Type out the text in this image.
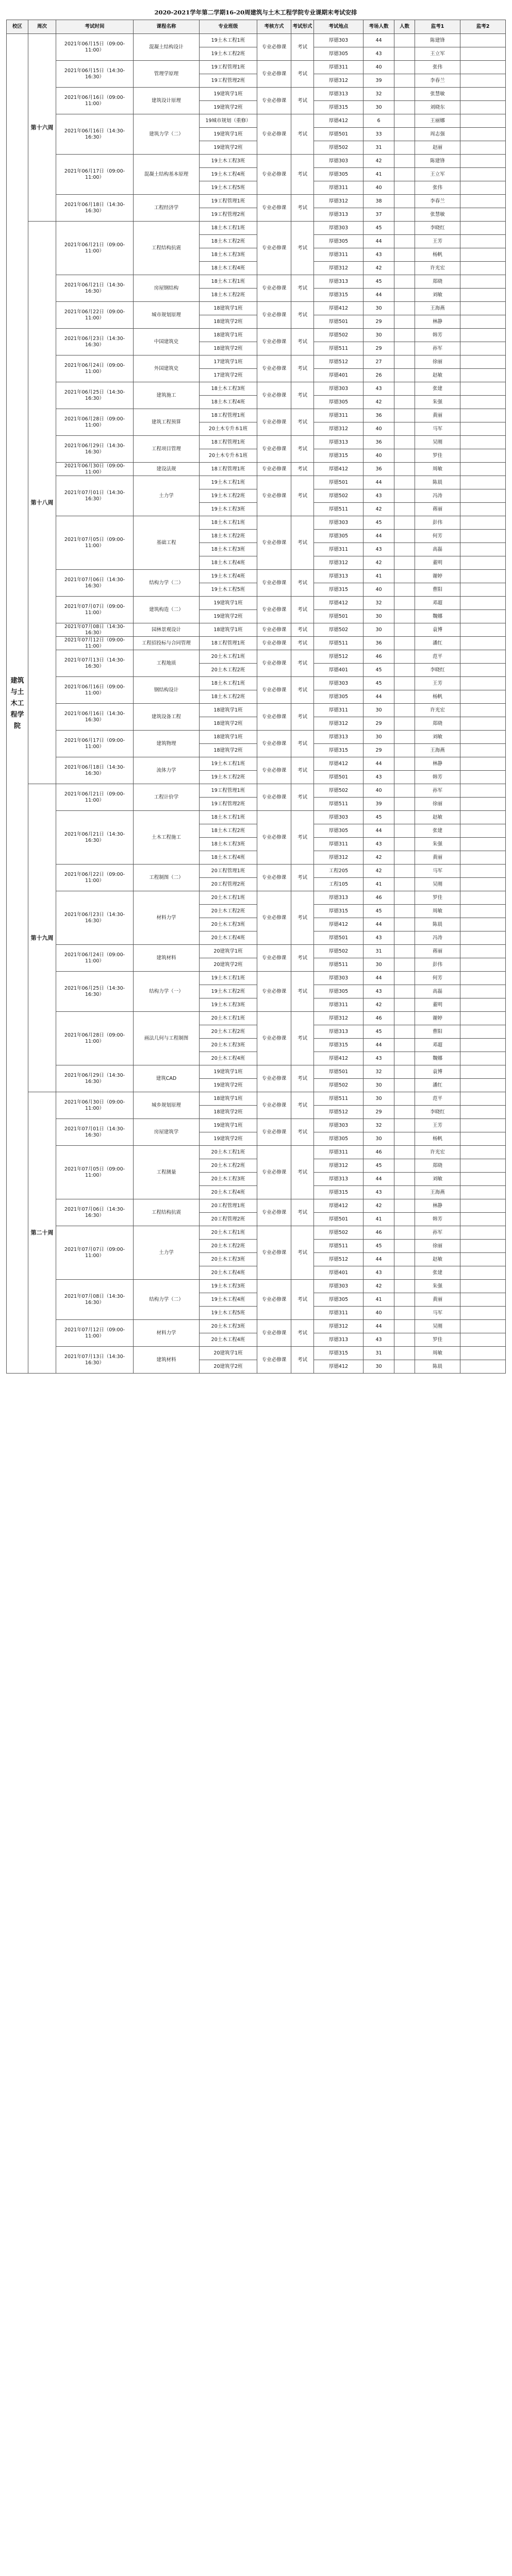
2020-2021学年第二学期16-20周建筑与土木工程学院专业课期末考试安排
校区	周次	考试时间	课程名称	专业班级	考核方式	考试形式	考试地点	考场人数	人数	监考1	监考2
建筑与土木工程学院	第十六周	2021年06月15日（09:00-11:00）	混凝土结构设计	19土木工程1班	专业必修课	考试	厚德303	44		陈建锋	
				19土木工程2班			厚德305	43		王立军	
		2021年06月15日（14:30-16:30）	管理学原理	19工程管理1班	专业必修课	考试	厚德311	40		张伟	
				19工程管理2班			厚德312	39		李春兰	
		2021年06月16日（09:00-11:00）	建筑设计原理	19建筑学1班	专业必修课	考试	厚德313	32		张慧敏	
				19建筑学2班			厚德315	30		刘晓东	
		2021年06月16日（14:30-16:30）	建筑力学（二）	19城市规划（重修）	专业必修课	考试	厚德412	6		王丽娜	
				19建筑学1班			厚德501	33		周志强	
				19建筑学2班			厚德502	31		赵丽	
		2021年06月17日（09:00-11:00）	混凝土结构基本原理	19土木工程3班	专业必修课	考试	厚德303	42		陈建锋	
				19土木工程4班			厚德305	41		王立军	
				19土木工程5班			厚德311	40		张伟	
		2021年06月18日（14:30-16:30）	工程经济学	19工程管理1班	专业必修课	考试	厚德312	38		李春兰	
				19工程管理2班			厚德313	37		张慧敏	
	第十八周	2021年06月21日（09:00-11:00）	工程结构抗震	18土木工程1班	专业必修课	考试	厚德303	45		李晓红	
				18土木工程2班			厚德305	44		王芳	
				18土木工程3班			厚德311	43		杨帆	
				18土木工程4班			厚德312	42		许光宏	
		2021年06月21日（14:30-16:30）	房屋钢结构	18土木工程1班	专业必修课	考试	厚德313	45		郑晓	
				18土木工程2班			厚德315	44		刘敏	
		2021年06月22日（09:00-11:00）	城市规划原理	18建筑学1班	专业必修课	考试	厚德412	30		王海燕	
				18建筑学2班			厚德501	29		林静	
		2021年06月23日（14:30-16:30）	中国建筑史	18建筑学1班	专业必修课	考试	厚德502	30		韩芳	
				18建筑学2班			厚德511	29		孙军	
		2021年06月24日（09:00-11:00）	外国建筑史	17建筑学1班	专业必修课	考试	厚德512	27		徐丽	
				17建筑学2班			厚德401	26		赵敏	
		2021年06月25日（14:30-16:30）	建筑施工	18土木工程3班	专业必修课	考试	厚德303	43		张建	
				18土木工程4班			厚德305	42		朱强	
		2021年06月28日（09:00-11:00）	建筑工程预算	18工程管理1班	专业必修课	考试	厚德311	36		黄丽	
				20土木专升本1班			厚德312	40		马军	
		2021年06月29日（14:30-16:30）	工程项目管理	18工程管理1班	专业必修课	考试	厚德313	36		吴刚	
				20土木专升本1班			厚德315	40		罗佳	
		2021年06月30日（09:00-11:00）	建设法规	18工程管理1班	专业必修课	考试	厚德412	36		周敏	
		2021年07月01日（14:30-16:30）	土力学	19土木工程1班	专业必修课	考试	厚德501	44		陈晨	
				19土木工程2班			厚德502	43		冯涛	
				19土木工程3班			厚德511	42		蒋丽	
		2021年07月05日（09:00-11:00）	基础工程	18土木工程1班	专业必修课	考试	厚德303	45		彭伟	
				18土木工程2班			厚德305	44		何芳	
				18土木工程3班			厚德311	43		高磊	
				18土木工程4班			厚德312	42		董明	
		2021年07月06日（14:30-16:30）	结构力学（二）	19土木工程4班	专业必修课	考试	厚德313	41		谢婷	
				19土木工程5班			厚德315	40		曹阳	
		2021年07月07日（09:00-11:00）	建筑构造（二）	19建筑学1班	专业必修课	考试	厚德412	32		邓超	
				19建筑学2班			厚德501	30		魏娜	
		2021年07月08日（14:30-16:30）	园林景观设计	18建筑学1班	专业必修课	考试	厚德502	30		袁博	
		2021年07月12日（09:00-11:00）	工程招投标与合同管理	18工程管理1班	专业必修课	考试	厚德511	36		潘红	
		2021年07月13日（14:30-16:30）	工程地质	20土木工程1班	专业必修课	考试	厚德512	46		范平	
				20土木工程2班			厚德401	45		李晓红	
		2021年06月16日（09:00-11:00）	钢结构设计	18土木工程1班	专业必修课	考试	厚德303	45		王芳	
				18土木工程2班			厚德305	44		杨帆	
		2021年06月16日（14:30-16:30）	建筑设备工程	18建筑学1班	专业必修课	考试	厚德311	30		许光宏	
				18建筑学2班			厚德312	29		郑晓	
		2021年06月17日（09:00-11:00）	建筑物理	18建筑学1班	专业必修课	考试	厚德313	30		刘敏	
				18建筑学2班			厚德315	29		王海燕	
		2021年06月18日（14:30-16:30）	流体力学	19土木工程1班	专业必修课	考试	厚德412	44		林静	
				19土木工程2班			厚德501	43		韩芳	
	第十九周	2021年06月21日（09:00-11:00）	工程计价学	19工程管理1班	专业必修课	考试	厚德502	40		孙军	
				19工程管理2班			厚德511	39		徐丽	
		2021年06月21日（14:30-16:30）	土木工程施工	18土木工程1班	专业必修课	考试	厚德303	45		赵敏	
				18土木工程2班			厚德305	44		张建	
				18土木工程3班			厚德311	43		朱强	
				18土木工程4班			厚德312	42		黄丽	
		2021年06月22日（09:00-11:00）	工程制图（二）	20工程管理1班	专业必修课	考试	工程205	42		马军	
				20工程管理2班			工程105	41		吴刚	
		2021年06月23日（14:30-16:30）	材料力学	20土木工程1班	专业必修课	考试	厚德313	46		罗佳	
				20土木工程2班			厚德315	45		周敏	
				20土木工程3班			厚德412	44		陈晨	
				20土木工程4班			厚德501	43		冯涛	
		2021年06月24日（09:00-11:00）	建筑材料	20建筑学1班	专业必修课	考试	厚德502	31		蒋丽	
				20建筑学2班			厚德511	30		彭伟	
		2021年06月25日（14:30-16:30）	结构力学（一）	19土木工程1班	专业必修课	考试	厚德303	44		何芳	
				19土木工程2班			厚德305	43		高磊	
				19土木工程3班			厚德311	42		董明	
		2021年06月28日（09:00-11:00）	画法几何与工程制图	20土木工程1班	专业必修课	考试	厚德312	46		谢婷	
				20土木工程2班			厚德313	45		曹阳	
				20土木工程3班			厚德315	44		邓超	
				20土木工程4班			厚德412	43		魏娜	
		2021年06月29日（14:30-16:30）	建筑CAD	19建筑学1班	专业必修课	考试	厚德501	32		袁博	
				19建筑学2班			厚德502	30		潘红	
	第二十周	2021年06月30日（09:00-11:00）	城乡规划原理	18建筑学1班	专业必修课	考试	厚德511	30		范平	
				18建筑学2班			厚德512	29		李晓红	
		2021年07月01日（14:30-16:30）	房屋建筑学	19建筑学1班	专业必修课	考试	厚德303	32		王芳	
				19建筑学2班			厚德305	30		杨帆	
		2021年07月05日（09:00-11:00）	工程测量	20土木工程1班	专业必修课	考试	厚德311	46		许光宏	
				20土木工程2班			厚德312	45		郑晓	
				20土木工程3班			厚德313	44		刘敏	
				20土木工程4班			厚德315	43		王海燕	
		2021年07月06日（14:30-16:30）	工程结构抗震	20工程管理1班	专业必修课	考试	厚德412	42		林静	
				20工程管理2班			厚德501	41		韩芳	
		2021年07月07日（09:00-11:00）	土力学	20土木工程1班	专业必修课	考试	厚德502	46		孙军	
				20土木工程2班			厚德511	45		徐丽	
				20土木工程3班			厚德512	44		赵敏	
				20土木工程4班			厚德401	43		张建	
		2021年07月08日（14:30-16:30）	结构力学（二）	19土木工程3班	专业必修课	考试	厚德303	42		朱强	
				19土木工程4班			厚德305	41		黄丽	
				19土木工程5班			厚德311	40		马军	
		2021年07月12日（09:00-11:00）	材料力学	20土木工程3班	专业必修课	考试	厚德312	44		吴刚	
				20土木工程4班			厚德313	43		罗佳	
		2021年07月13日（14:30-16:30）	建筑材料	20建筑学1班	专业必修课	考试	厚德315	31		周敏	
				20建筑学2班			厚德412	30		陈晨	
